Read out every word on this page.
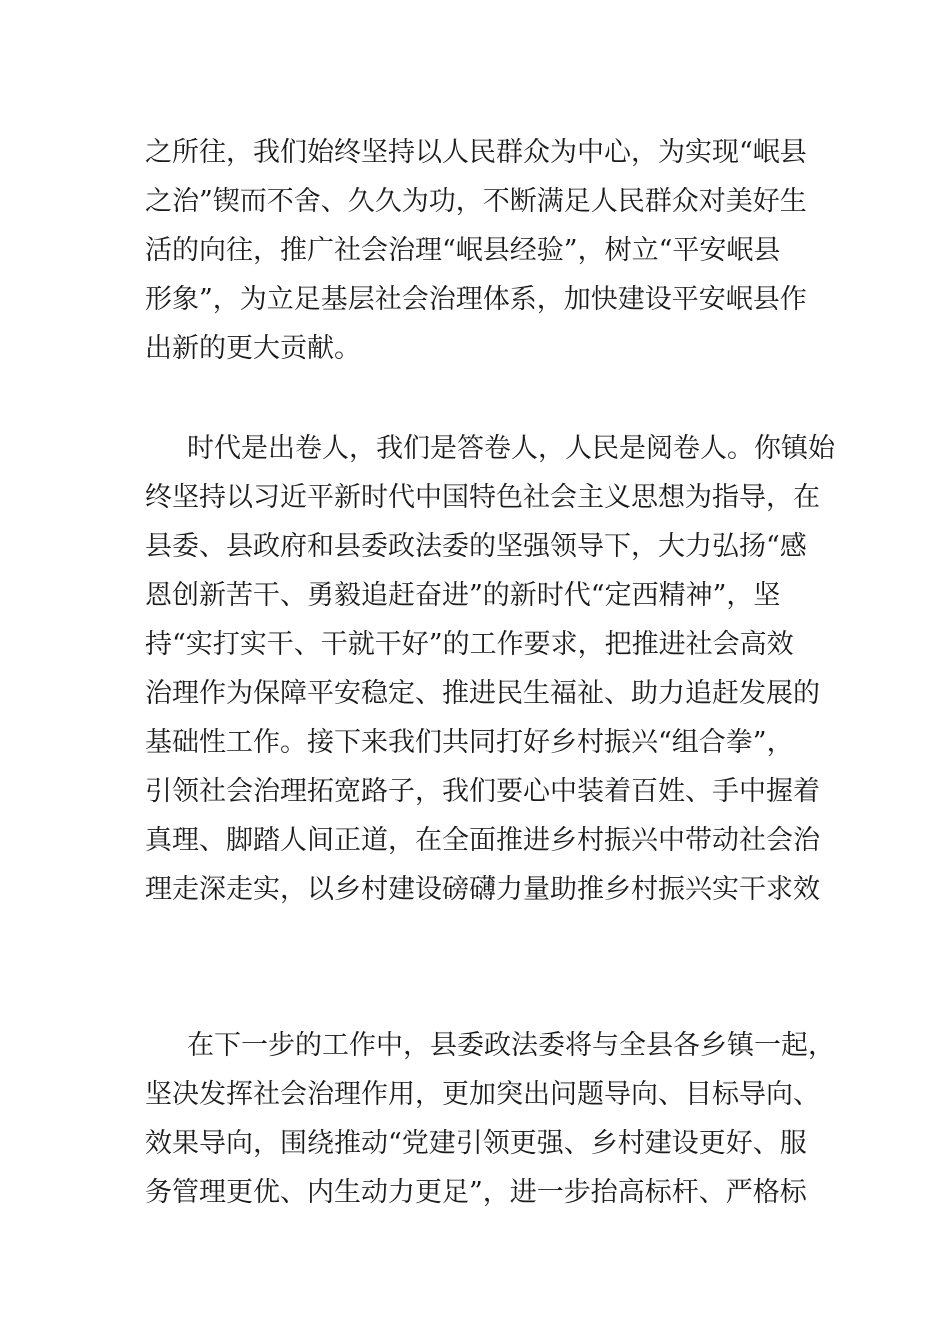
之所往，我们始终坚持以人民群众为中心，为实现“岷县
之治”锲而不舍、久久为功，不断满足人民群众对美好生
活的向往，推广社会治理“岷县经验”，树立“平安岷县
形象”，为立足基层社会治理体系，加快建设平安岷县作
出新的更大贡献。
时代是出卷人，我们是答卷人，人民是阅卷人。你镇始
终坚持以习近平新时代中国特色社会主义思想为指导，在
县委、县政府和县委政法委的坚强领导下，大力弘扬“感
恩创新苦干、勇毅追赶奋进”的新时代“定西精神”，坚
持“实打实干、干就干好”的工作要求，把推进社会高效
治理作为保障平安稳定、推进民生福祉、助力追赶发展的
基础性工作。接下来我们共同打好乡村振兴“组合拳”，
引领社会治理拓宽路子，我们要心中装着百姓、手中握着
真理、脚踏人间正道，在全面推进乡村振兴中带动社会治
理走深走实，以乡村建设磅礴力量助推乡村振兴实干求效
在下一步的工作中，县委政法委将与全县各乡镇一起，
坚决发挥社会治理作用，更加突出问题导向、目标导向、
效果导向，围绕推动“党建引领更强、乡村建设更好、服
务管理更优、内生动力更足”，进一步抬高标杆、严格标
